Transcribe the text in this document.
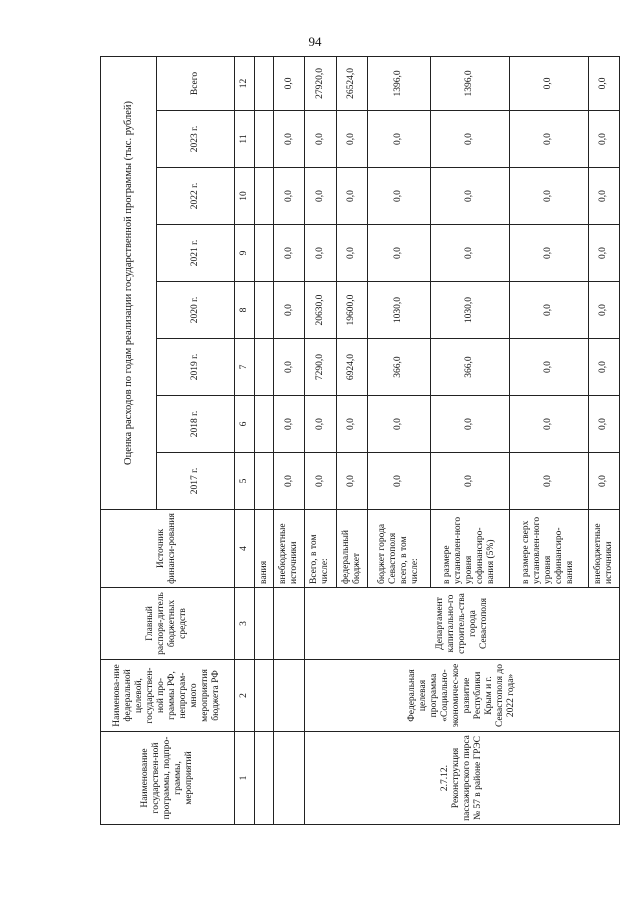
94
Наименование государствен-ной программы, подпро-граммы, мероприятий	Наименова-ние федеральной целевой, государствен-ной про-граммы РФ, непрограм-много мероприятия бюджета РФ	Главный распоря-дитель бюджетных средств	Источник финанси-рования	Оценка расходов по годам реализации государственной программы (тыс. рублей)							
				2017 г.	2018 г.	2019 г.	2020 г.	2021 г.	2022 г.	2023 г.	Всего
1	2	3	4	5	6	7	8	9	10	11	12
			вания								
			внебюджетные источники	0,0	0,0	0,0	0,0	0,0	0,0	0,0	0,0
2.7.12. Реконструкция пассажирского пирса № 57 в районе ГРЭС	Федеральная целевая программа «Социально-экономичес-кое развитие Республики Крым и г. Севастополя до 2022 года»	Департамент капитально-го строитель-ства города Севастополя	Всего, в том числе:	0,0	0,0	7290,0	20630,0	0,0	0,0	0,0	27920,0
			федеральный бюджет	0,0	0,0	6924,0	19600,0	0,0	0,0	0,0	26524,0
			бюджет города Севастополя всего, в том числе:	0,0	0,0	366,0	1030,0	0,0	0,0	0,0	1396,0
			в размере установлен-ного уровня софинансиро-вания (5%)	0,0	0,0	366,0	1030,0	0,0	0,0	0,0	1396,0
			в размере сверх установлен-ного уровня софинансиро-вания	0,0	0,0	0,0	0,0	0,0	0,0	0,0	0,0
			внебюджетные источники	0,0	0,0	0,0	0,0	0,0	0,0	0,0	0,0
